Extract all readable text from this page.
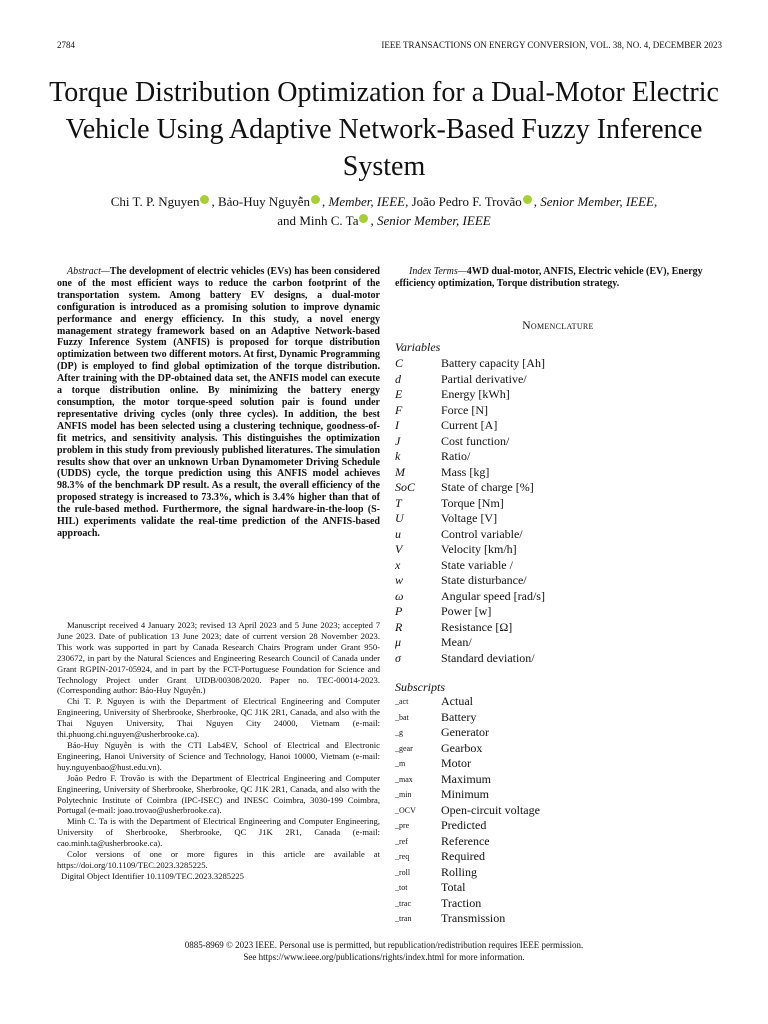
2784	IEEE TRANSACTIONS ON ENERGY CONVERSION, VOL. 38, NO. 4, DECEMBER 2023
Torque Distribution Optimization for a Dual-Motor Electric Vehicle Using Adaptive Network-Based Fuzzy Inference System
Chi T. P. Nguyen , Bảo-Huy Nguyễn , Member, IEEE, João Pedro F. Trovão , Senior Member, IEEE,
and Minh C. Ta , Senior Member, IEEE

Abstract—The development of electric vehicles (EVs) has been considered one of the most efficient ways to reduce the carbon footprint of the transportation system. Among battery EV designs, a dual-motor configuration is introduced as a promising solution to improve dynamic performance and energy efficiency. In this study, a novel energy management strategy framework based on an Adaptive Network-based Fuzzy Inference System (ANFIS) is proposed for torque distribution optimization between two different motors. At first, Dynamic Programming (DP) is employed to find global optimization of the torque distribution. After training with the DP-obtained data set, the ANFIS model can execute a torque distribution online. By minimizing the battery energy consumption, the motor torque-speed solution pair is found under representative driving cycles (only three cycles). In addition, the best ANFIS model has been selected using a clustering technique, goodness-of-fit metrics, and sensitivity analysis. This distinguishes the optimization problem in this study from previously published literatures. The simulation results show that over an unknown Urban Dynamometer Driving Schedule (UDDS) cycle, the torque prediction using this ANFIS model achieves 98.3% of the benchmark DP result. As a result, the overall efficiency of the proposed strategy is increased to 73.3%, which is 3.4% higher than that of the rule-based method. Furthermore, the signal hardware-in-the-loop (S-HIL) experiments validate the real-time prediction of the ANFIS-based approach.

Manuscript received 4 January 2023; revised 13 April 2023 and 5 June 2023; accepted 7 June 2023. Date of publication 13 June 2023; date of current version 28 November 2023. This work was supported in part by Canada Research Chairs Program under Grant 950-230672, in part by the Natural Sciences and Engineering Research Council of Canada under Grant RGPIN-2017-05924, and in part by the FCT-Portuguese Foundation for Science and Technology Project under Grant UIDB/00308/2020. Paper no. TEC-00014-2023. (Corresponding author: Bảo-Huy Nguyễn.)

Chi T. P. Nguyen is with the Department of Electrical Engineering and Computer Engineering, University of Sherbrooke, Sherbrooke, QC J1K 2R1, Canada, and also with the Thai Nguyen University, Thai Nguyen City 24000, Vietnam (e-mail: thi.phuong.chi.nguyen@usherbrooke.ca).

Bảo-Huy Nguyễn is with the CTI Lab4EV, School of Electrical and Electronic Engineering, Hanoi University of Science and Technology, Hanoi 10000, Vietnam (e-mail: huy.nguyenbao@hust.edu.vn).

João Pedro F. Trovão is with the Department of Electrical Engineering and Computer Engineering, University of Sherbrooke, Sherbrooke, QC J1K 2R1, Canada, and also with the Polytechnic Institute of Coimbra (IPC-ISEC) and INESC Coimbra, 3030-199 Coimbra, Portugal (e-mail: joao.trovao@usherbrooke.ca).

Minh C. Ta is with the Department of Electrical Engineering and Computer Engineering, University of Sherbrooke, Sherbrooke, QC J1K 2R1, Canada (e-mail: cao.minh.ta@usherbrooke.ca).

Color versions of one or more figures in this article are available at https://doi.org/10.1109/TEC.2023.3285225.

Digital Object Identifier 10.1109/TEC.2023.3285225

Index Terms—4WD dual-motor, ANFIS, Electric vehicle (EV), Energy efficiency optimization, Torque distribution strategy.

Nomenclature
Variables
C	Battery capacity [Ah]
d	Partial derivative/
E	Energy [kWh]
F	Force [N]
I	Current [A]
J	Cost function/
k	Ratio/
M	Mass [kg]
SoC	State of charge [%]
T	Torque [Nm]
U	Voltage [V]
u	Control variable/
V	Velocity [km/h]
x	State variable /
w	State disturbance/
ω	Angular speed [rad/s]
P	Power [w]
R	Resistance [Ω]
μ	Mean/
σ	Standard deviation/
Subscripts
_act	Actual
_bat	Battery
_g	Generator
_gear	Gearbox
_m	Motor
_max	Maximum
_min	Minimum
_OCV	Open-circuit voltage
_pre	Predicted
_ref	Reference
_req	Required
_roll	Rolling
_tot	Total
_trac	Traction
_tran	Transmission
0885-8969 © 2023 IEEE. Personal use is permitted, but republication/redistribution requires IEEE permission.
See https://www.ieee.org/publications/rights/index.html for more information.
